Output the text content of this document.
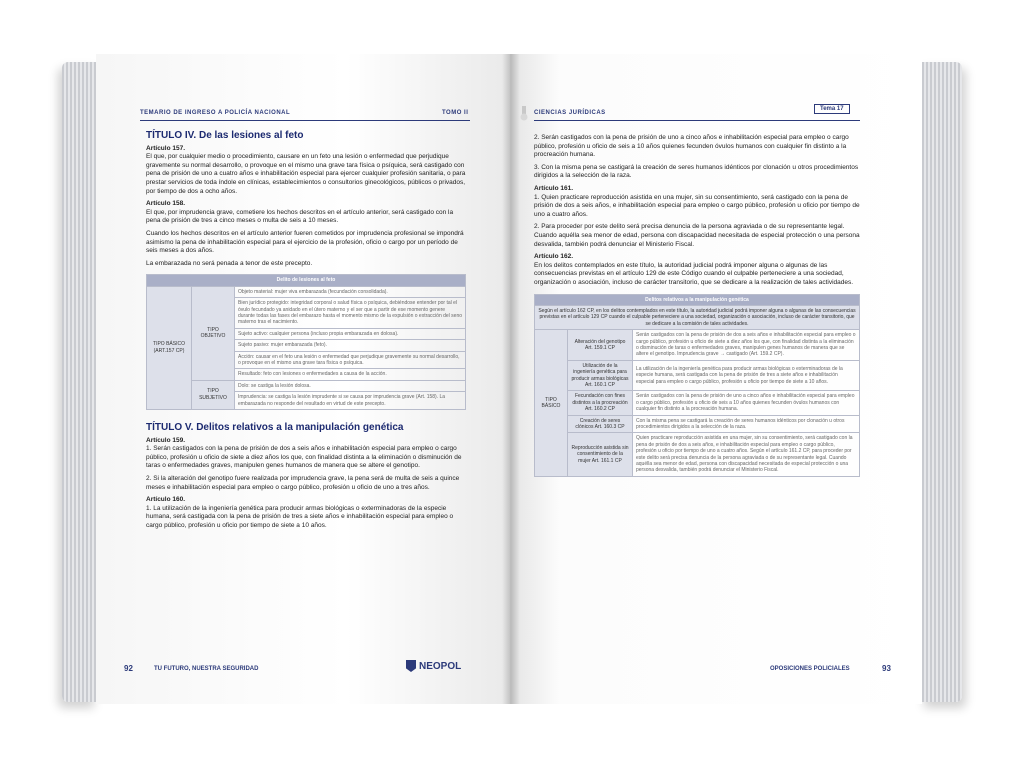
TEMARIO DE INGRESO A POLICÍA NACIONAL	TOMO II
TÍTULO IV. De las lesiones al feto
Artículo 157.

El que, por cualquier medio o procedimiento, causare en un feto una lesión o enfermedad que perjudique gravemente su normal desarrollo, o provoque en el mismo una grave tara física o psíquica, será castigado con pena de prisión de uno a cuatro años e inhabilitación especial para ejercer cualquier profesión sanitaria, o para prestar servicios de toda índole en clínicas, establecimientos o consultorios ginecológicos, públicos o privados, por tiempo de dos a ocho años.

Artículo 158.

El que, por imprudencia grave, cometiere los hechos descritos en el artículo anterior, será castigado con la pena de prisión de tres a cinco meses o multa de seis a 10 meses.

Cuando los hechos descritos en el artículo anterior fueren cometidos por imprudencia profesional se impondrá asimismo la pena de inhabilitación especial para el ejercicio de la profesión, oficio o cargo por un período de seis meses a dos años.

La embarazada no será penada a tenor de este precepto.

Delito de lesiones al feto		
TIPO BÁSICO (ART.157 CP)	TIPO OBJETIVO	Objeto material: mujer viva embarazada (fecundación consolidada).
		Bien jurídico protegido: integridad corporal o salud física o psíquica, debiéndose entender por tal el óvulo fecundado ya anidado en el útero materno y el ser que a partir de ese momento genere durante todas las fases del embarazo hasta el momento mismo de la expulsión o extracción del seno materno tras el nacimiento.
		Sujeto activo: cualquier persona (incluso propia embarazada en dolosa).
		Sujeto pasivo: mujer embarazada (feto).
		Acción: causar en el feto una lesión o enfermedad que perjudique gravemente su normal desarrollo, o provoque en el mismo una grave tara física o psíquica.
		Resultado: feto con lesiones o enfermedades a causa de la acción.
	TIPO SUBJETIVO	Dolo: se castiga la lesión dolosa.
		Imprudencia: se castiga la lesión imprudente si se causa por imprudencia grave (Art. 158). La embarazada no responde del resultado en virtud de este precepto.
TÍTULO V. Delitos relativos a la manipulación genética
Artículo 159.

1. Serán castigados con la pena de prisión de dos a seis años e inhabilitación especial para empleo o cargo público, profesión u oficio de siete a diez años los que, con finalidad distinta a la eliminación o disminución de taras o enfermedades graves, manipulen genes humanos de manera que se altere el genotipo.

2. Si la alteración del genotipo fuere realizada por imprudencia grave, la pena será de multa de seis a quince meses e inhabilitación especial para empleo o cargo público, profesión u oficio de uno a tres años.

Artículo 160.

1. La utilización de la ingeniería genética para producir armas biológicas o exterminadoras de la especie humana, será castigada con la pena de prisión de tres a siete años e inhabilitación especial para empleo o cargo público, profesión u oficio por tiempo de siete a 10 años.

92	TU FUTURO, NUESTRA SEGURIDAD	NEOPOL
CIENCIAS JURÍDICAS
Tema 17

2. Serán castigados con la pena de prisión de uno a cinco años e inhabilitación especial para empleo o cargo público, profesión u oficio de seis a 10 años quienes fecunden óvulos humanos con cualquier fin distinto a la procreación humana.

3. Con la misma pena se castigará la creación de seres humanos idénticos por clonación u otros procedimientos dirigidos a la selección de la raza.

Artículo 161.

1. Quien practicare reproducción asistida en una mujer, sin su consentimiento, será castigado con la pena de prisión de dos a seis años, e inhabilitación especial para empleo o cargo público, profesión u oficio por tiempo de uno a cuatro años.

2. Para proceder por este delito será precisa denuncia de la persona agraviada o de su representante legal. Cuando aquélla sea menor de edad, persona con discapacidad necesitada de especial protección o una persona desvalida, también podrá denunciar el Ministerio Fiscal.

Artículo 162.

En los delitos contemplados en este título, la autoridad judicial podrá imponer alguna o algunas de las consecuencias previstas en el artículo 129 de este Código cuando el culpable perteneciere a una sociedad, organización o asociación, incluso de carácter transitorio, que se dedicare a la realización de tales actividades.

Delitos relativos a la manipulación genética		
Según el artículo 162 CP, en los delitos contemplados en este título, la autoridad judicial podrá imponer alguna o algunas de las consecuencias previstas en el artículo 129 CP cuando el culpable perteneciere a una sociedad, organización o asociación, incluso de carácter transitorio, que se dedicare a la comisión de tales actividades.		
TIPO BÁSICO	Alteración del genotipo Art. 159.1 CP	Serán castigados con la pena de prisión de dos a seis años e inhabilitación especial para empleo o cargo público, profesión u oficio de siete a diez años los que, con finalidad distinta a la eliminación o disminución de taras o enfermedades graves, manipulen genes humanos de manera que se altere el genotipo. Imprudencia grave → castigado (Art. 159.2 CP).
	Utilización de la ingeniería genética para producir armas biológicas Art. 160.1 CP	La utilización de la ingeniería genética para producir armas biológicas o exterminadoras de la especie humana, será castigada con la pena de prisión de tres a siete años e inhabilitación especial para empleo o cargo público, profesión u oficio por tiempo de siete a 10 años.
	Fecundación con fines distintos a la procreación Art. 160.2 CP	Serán castigados con la pena de prisión de uno a cinco años e inhabilitación especial para empleo o cargo público, profesión u oficio de seis a 10 años quienes fecunden óvulos humanos con cualquier fin distinto a la procreación humana.
	Creación de seres clónicos Art. 160.3 CP	Con la misma pena se castigará la creación de seres humanos idénticos por clonación u otros procedimientos dirigidos a la selección de la raza.
	Reproducción asistida sin consentimiento de la mujer Art. 161.1 CP	Quien practicare reproducción asistida en una mujer, sin su consentimiento, será castigado con la pena de prisión de dos a seis años, e inhabilitación especial para empleo o cargo público, profesión u oficio por tiempo de uno a cuatro años. Según el artículo 161.2 CP, para proceder por este delito será precisa denuncia de la persona agraviada o de su representante legal. Cuando aquélla sea menor de edad, persona con discapacidad necesitada de especial protección o una persona desvalida, también podrá denunciar el Ministerio Fiscal.
OPOSICIONES POLICIALES	93
